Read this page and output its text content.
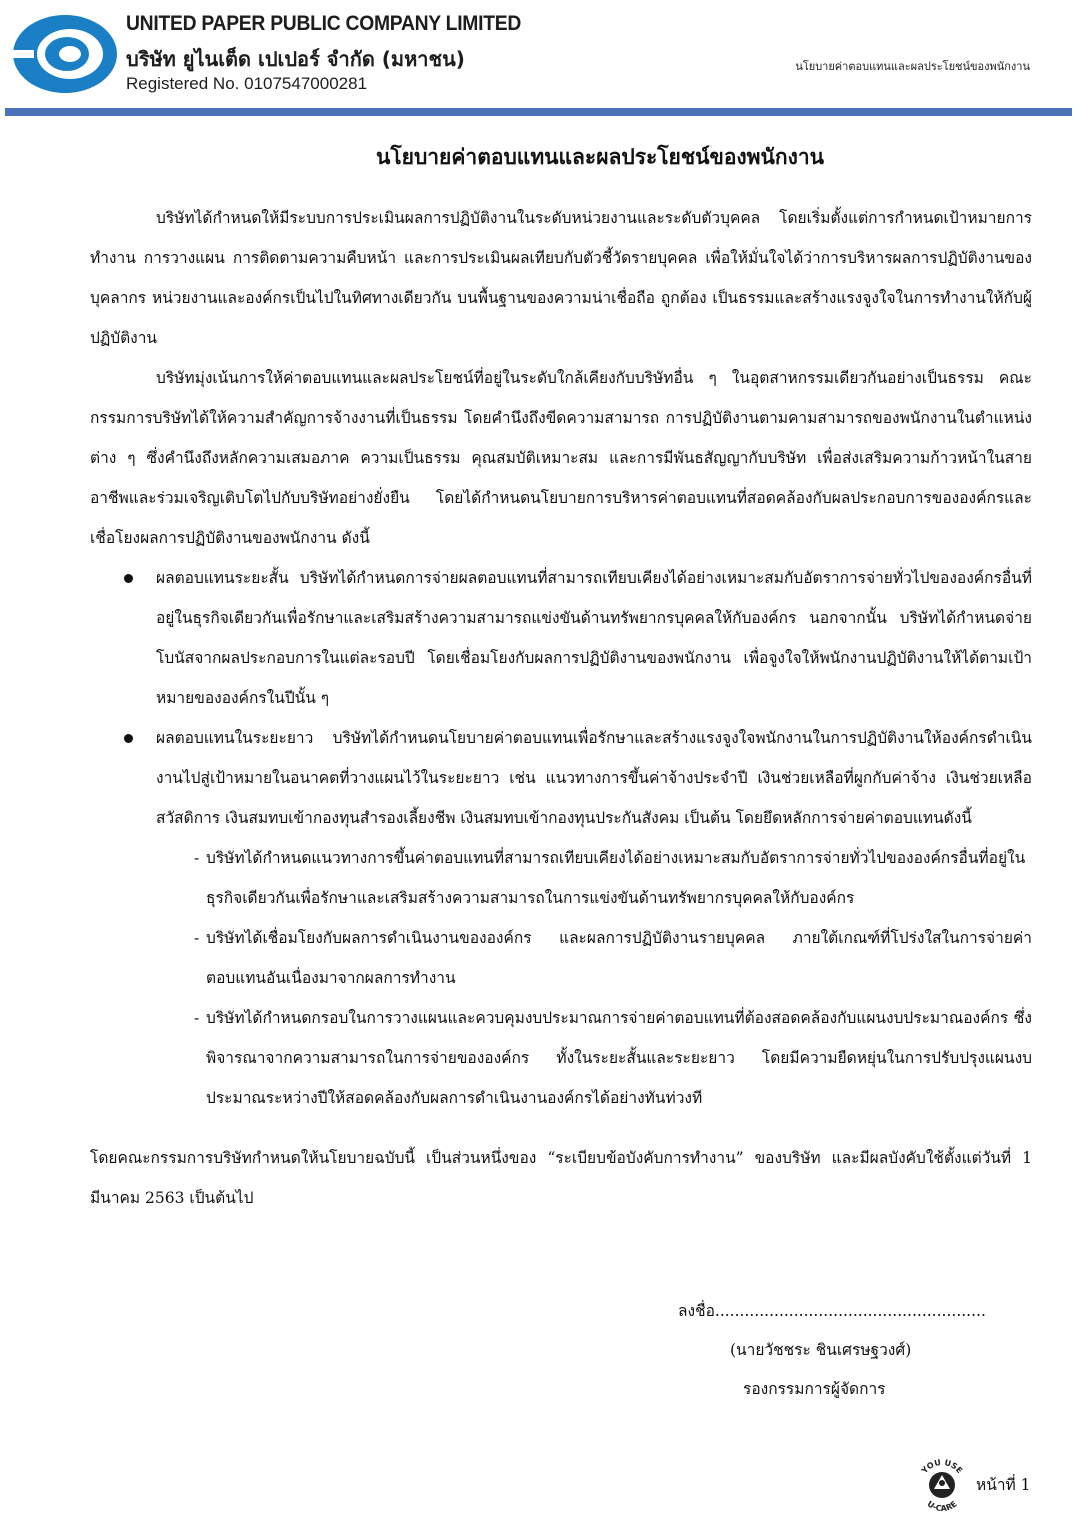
UNITED PAPER PUBLIC COMPANY LIMITED
บริษัท ยูไนเต็ด เปเปอร์ จำกัด (มหาชน)
Registered No. 0107547000281
นโยบายค่าตอบแทนและผลประโยชน์ของพนักงาน
นโยบายค่าตอบแทนและผลประโยชน์ของพนักงาน

บริษัทได้กำหนดให้มีระบบการประเมินผลการปฏิบัติงานในระดับหน่วยงานและระดับตัวบุคคล โดยเริ่มตั้งแต่การกำหนดเป้าหมายการทำงาน การวางแผน การติดตามความคืบหน้า และการประเมินผลเทียบกับตัวชี้วัดรายบุคคล เพื่อให้มั่นใจได้ว่าการบริหารผลการปฏิบัติงานของบุคลากร หน่วยงานและองค์กรเป็นไปในทิศทางเดียวกัน บนพื้นฐานของความน่าเชื่อถือ ถูกต้อง เป็นธรรมและสร้างแรงจูงใจในการทำงานให้กับผู้ปฏิบัติงาน

บริษัทมุ่งเน้นการให้ค่าตอบแทนและผลประโยชน์ที่อยู่ในระดับใกล้เคียงกับบริษัทอื่น ๆ ในอุตสาหกรรมเดียวกันอย่างเป็นธรรม คณะกรรมการบริษัทได้ให้ความสำคัญการจ้างงานที่เป็นธรรม โดยคำนึงถึงขีดความสามารถ การปฏิบัติงานตามคามสามารถของพนักงานในตำแหน่งต่าง ๆ ซึ่งคำนึงถึงหลักความเสมอภาค ความเป็นธรรม คุณสมบัติเหมาะสม และการมีพันธสัญญากับบริษัท เพื่อส่งเสริมความก้าวหน้าในสายอาชีพและร่วมเจริญเติบโตไปกับบริษัทอย่างยั่งยืน โดยได้กำหนดนโยบายการบริหารค่าตอบแทนที่สอดคล้องกับผลประกอบการขององค์กรและเชื่อโยงผลการปฏิบัติงานของพนักงาน ดังนี้

ผลตอบแทนระยะสั้น บริษัทได้กำหนดการจ่ายผลตอบแทนที่สามารถเทียบเคียงได้อย่างเหมาะสมกับอัตราการจ่ายทั่วไปขององค์กรอื่นที่อยู่ในธุรกิจเดียวกันเพื่อรักษาและเสริมสร้างความสามารถแข่งขันด้านทรัพยากรบุคคลให้กับองค์กร นอกจากนั้น บริษัทได้กำหนดจ่ายโบนัสจากผลประกอบการในแต่ละรอบปี โดยเชื่อมโยงกับผลการปฏิบัติงานของพนักงาน เพื่อจูงใจให้พนักงานปฏิบัติงานให้ได้ตามเป้าหมายขององค์กรในปีนั้น ๆ
ผลตอบแทนในระยะยาว บริษัทได้กำหนดนโยบายค่าตอบแทนเพื่อรักษาและสร้างแรงจูงใจพนักงานในการปฏิบัติงานให้องค์กรดำเนินงานไปสู่เป้าหมายในอนาคตที่วางแผนไว้ในระยะยาว เช่น แนวทางการขึ้นค่าจ้างประจำปี เงินช่วยเหลือที่ผูกกับค่าจ้าง เงินช่วยเหลือสวัสดิการ เงินสมทบเข้ากองทุนสำรองเลี้ยงชีพ เงินสมทบเข้ากองทุนประกันสังคม เป็นต้น โดยยึดหลักการจ่ายค่าตอบแทนดังนี้
- บริษัทได้กำหนดแนวทางการขึ้นค่าตอบแทนที่สามารถเทียบเคียงได้อย่างเหมาะสมกับอัตราการจ่ายทั่วไปขององค์กรอื่นที่อยู่ในธุรกิจเดียวกันเพื่อรักษาและเสริมสร้างความสามารถในการแข่งขันด้านทรัพยากรบุคคลให้กับองค์กร
- บริษัทได้เชื่อมโยงกับผลการดำเนินงานขององค์กร และผลการปฏิบัติงานรายบุคคล ภายใต้เกณฑ์ที่โปร่งใสในการจ่ายค่าตอบแทนอันเนื่องมาจากผลการทำงาน
- บริษัทได้กำหนดกรอบในการวางแผนและควบคุมงบประมาณการจ่ายค่าตอบแทนที่ต้องสอดคล้องกับแผนงบประมาณองค์กร ซึ่งพิจารณาจากความสามารถในการจ่ายขององค์กร ทั้งในระยะสั้นและระยะยาว โดยมีความยืดหยุ่นในการปรับปรุงแผนงบประมาณระหว่างปีให้สอดคล้องกับผลการดำเนินงานองค์กรได้อย่างทันท่วงที

โดยคณะกรรมการบริษัทกำหนดให้นโยบายฉบับนี้ เป็นส่วนหนึ่งของ “ระเบียบข้อบังคับการทำงาน” ของบริษัท และมีผลบังคับใช้ตั้งแต่วันที่ 1 มีนาคม 2563 เป็นต้นไป

ลงชื่อ.......................................................
(นายวัชชระ ชินเศรษฐวงศ์)
รองกรรมการผู้จัดการ
YOU USE
U-CARE
หน้าที่ 1
